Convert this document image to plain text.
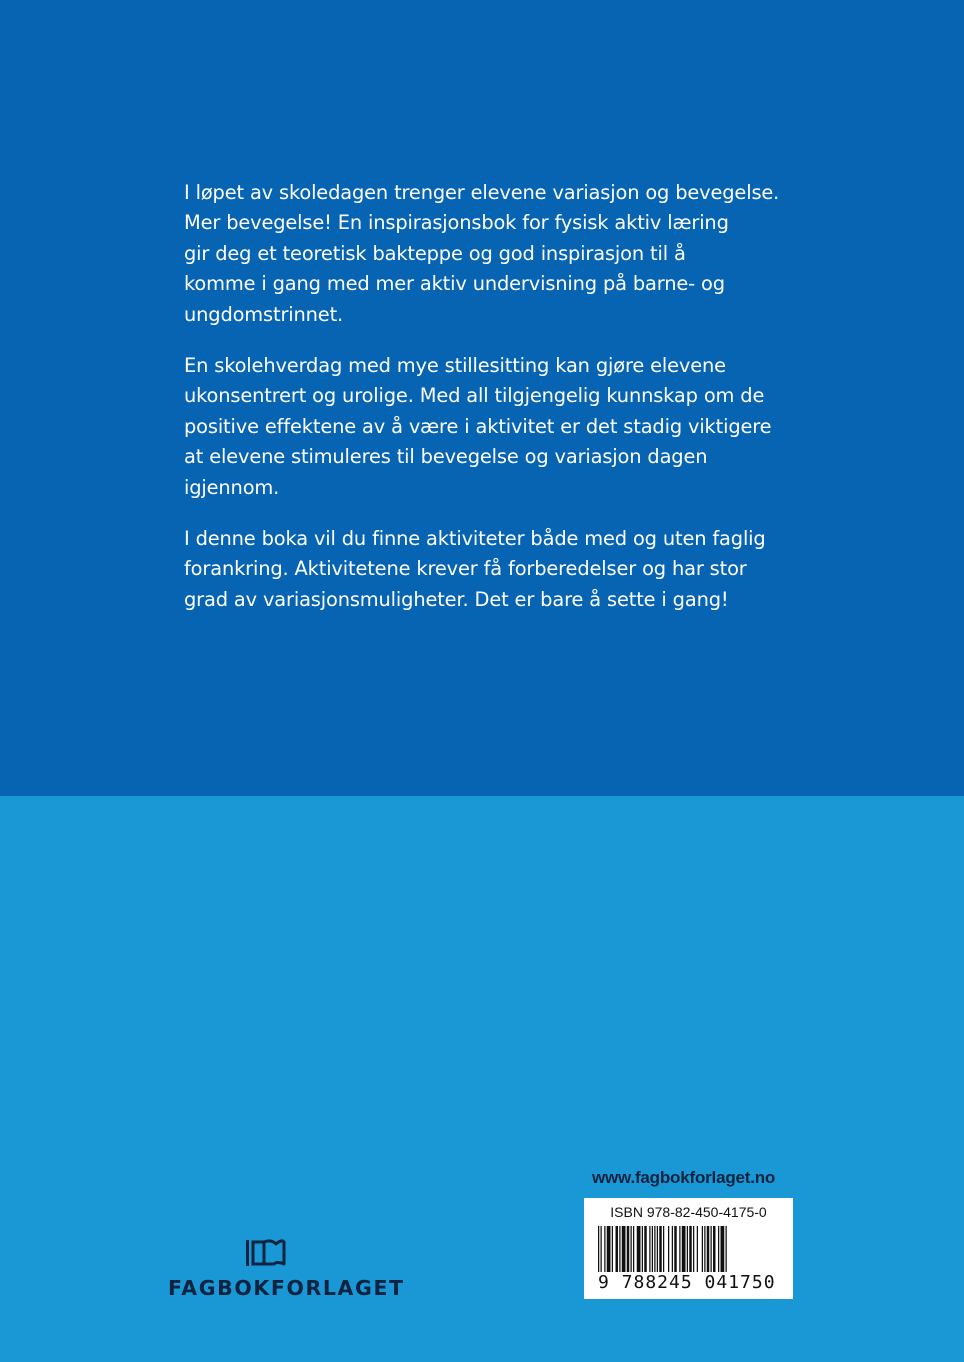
I løpet av skoledagen trenger elevene variasjon og bevegelse.
Mer bevegelse! En inspirasjonsbok for fysisk aktiv læring
gir deg et teoretisk bakteppe og god inspirasjon til å
komme i gang med mer aktiv undervisning på barne- og
ungdomstrinnet.

En skolehverdag med mye stillesitting kan gjøre elevene
ukonsentrert og urolige. Med all tilgjengelig kunnskap om de
positive effektene av å være i aktivitet er det stadig viktigere
at elevene stimuleres til bevegelse og variasjon dagen
igjennom.

I denne boka vil du finne aktiviteter både med og uten faglig
forankring. Aktivitetene krever få forberedelser og har stor
grad av variasjonsmuligheter. Det er bare å sette i gang!

www.fagbokforlaget.no
ISBN 978-82-450-4175-0
9 788245 041750
FAGBOKFORLAGET
